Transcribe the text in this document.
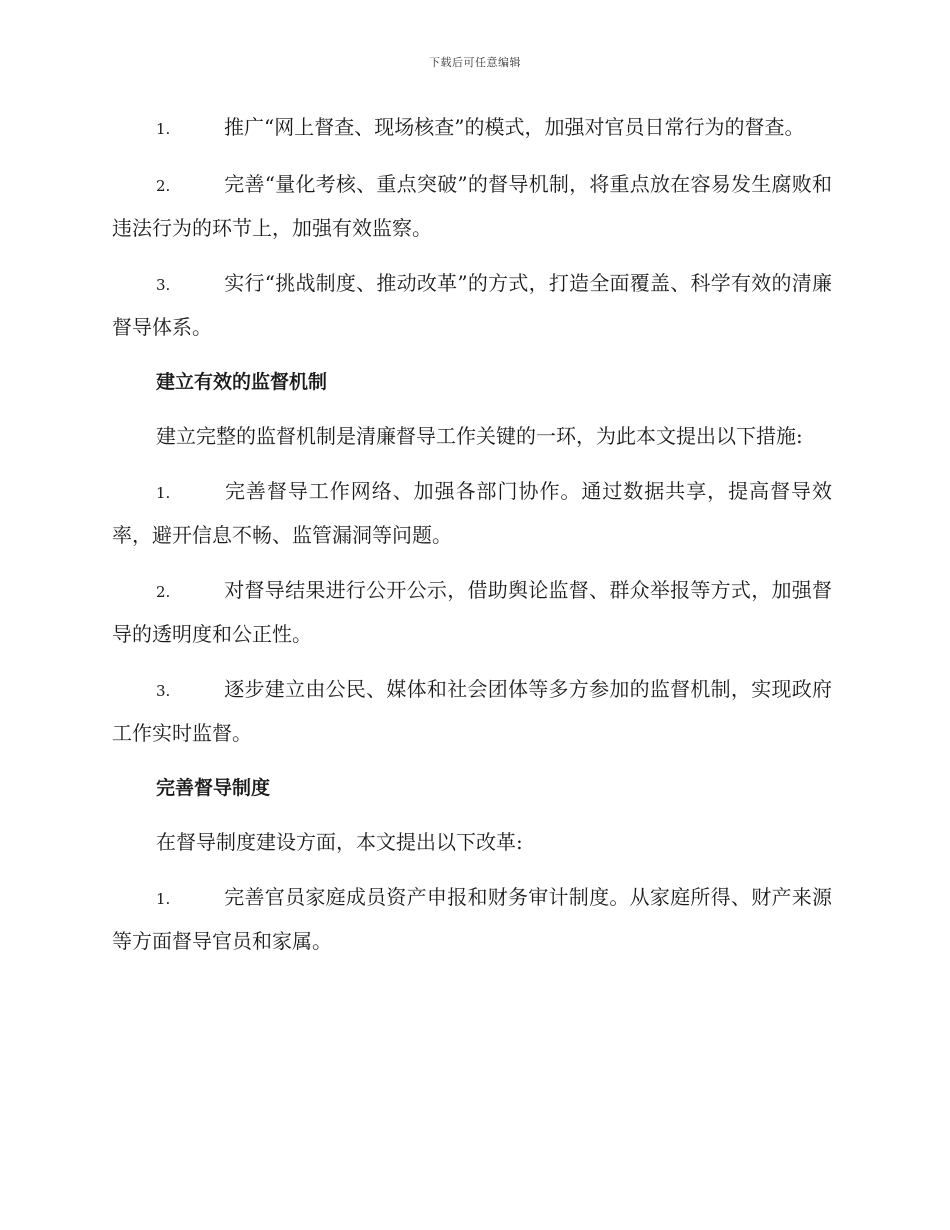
下载后可任意编辑

1.	推广“网上督查、现场核查”的模式，加强对官员日常行为的督查。

2.	完善“量化考核、重点突破”的督导机制，将重点放在容易发生腐败和违法行为的环节上，加强有效监察。

3.	实行“挑战制度、推动改革”的方式，打造全面覆盖、科学有效的清廉督导体系。

建立有效的监督机制

建立完整的监督机制是清廉督导工作关键的一环，为此本文提出以下措施:

1.	完善督导工作网络、加强各部门协作。通过数据共享，提高督导效率，避开信息不畅、监管漏洞等问题。

2.	对督导结果进行公开公示，借助舆论监督、群众举报等方式，加强督导的透明度和公正性。

3.	逐步建立由公民、媒体和社会团体等多方参加的监督机制，实现政府工作实时监督。

完善督导制度

在督导制度建设方面，本文提出以下改革:

1.	完善官员家庭成员资产申报和财务审计制度。从家庭所得、财产来源等方面督导官员和家属。
